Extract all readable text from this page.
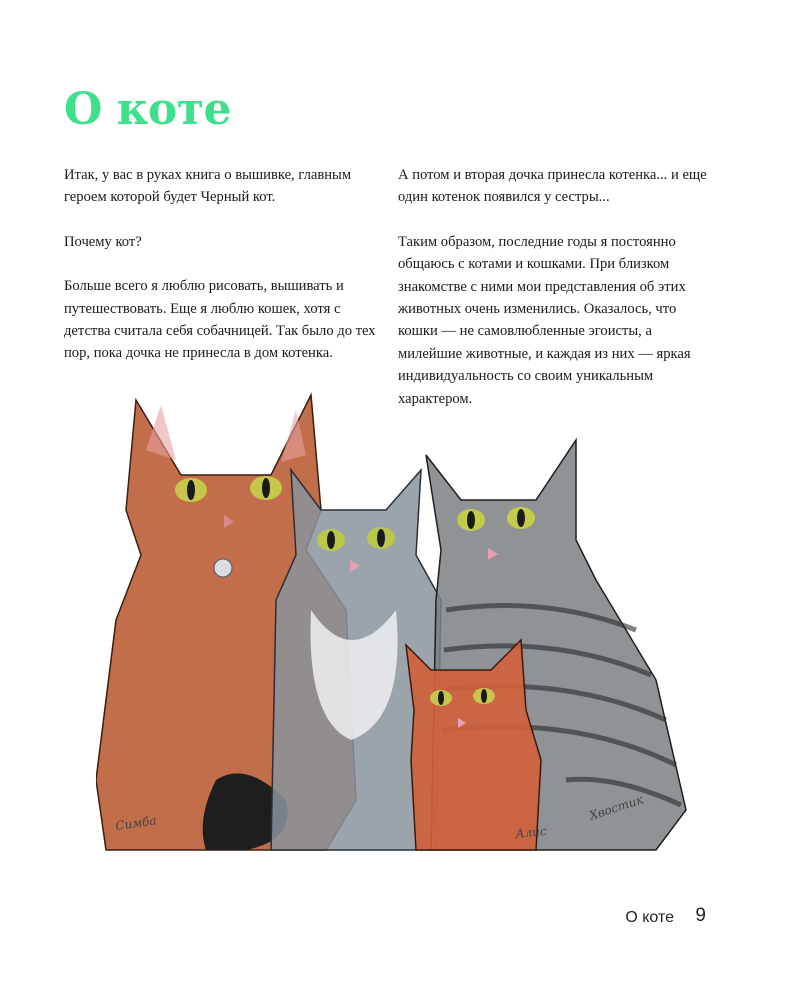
О коте

Итак, у вас в руках книга о вышивке, главным героем которой будет Черный кот.

Почему кот?

Больше всего я люблю рисовать, вышивать и путешествовать. Еще я люблю кошек, хотя с детства считала себя собачницей. Так было до тех пор, пока дочка не принесла в дом котенка.

А потом и вторая дочка принесла котенка... и еще один котенок появился у сестры...

Таким образом, последние годы я постоянно общаюсь с котами и кошками. При близком знакомстве с ними мои представления об этих животных очень изменились. Оказалось, что кошки — не самовлюбленные эгоисты, а милейшие животные, и каждая из них — яркая индивидуальность со своим уникальным характером.

Симба	Алис
Хвостик
О коте 9
